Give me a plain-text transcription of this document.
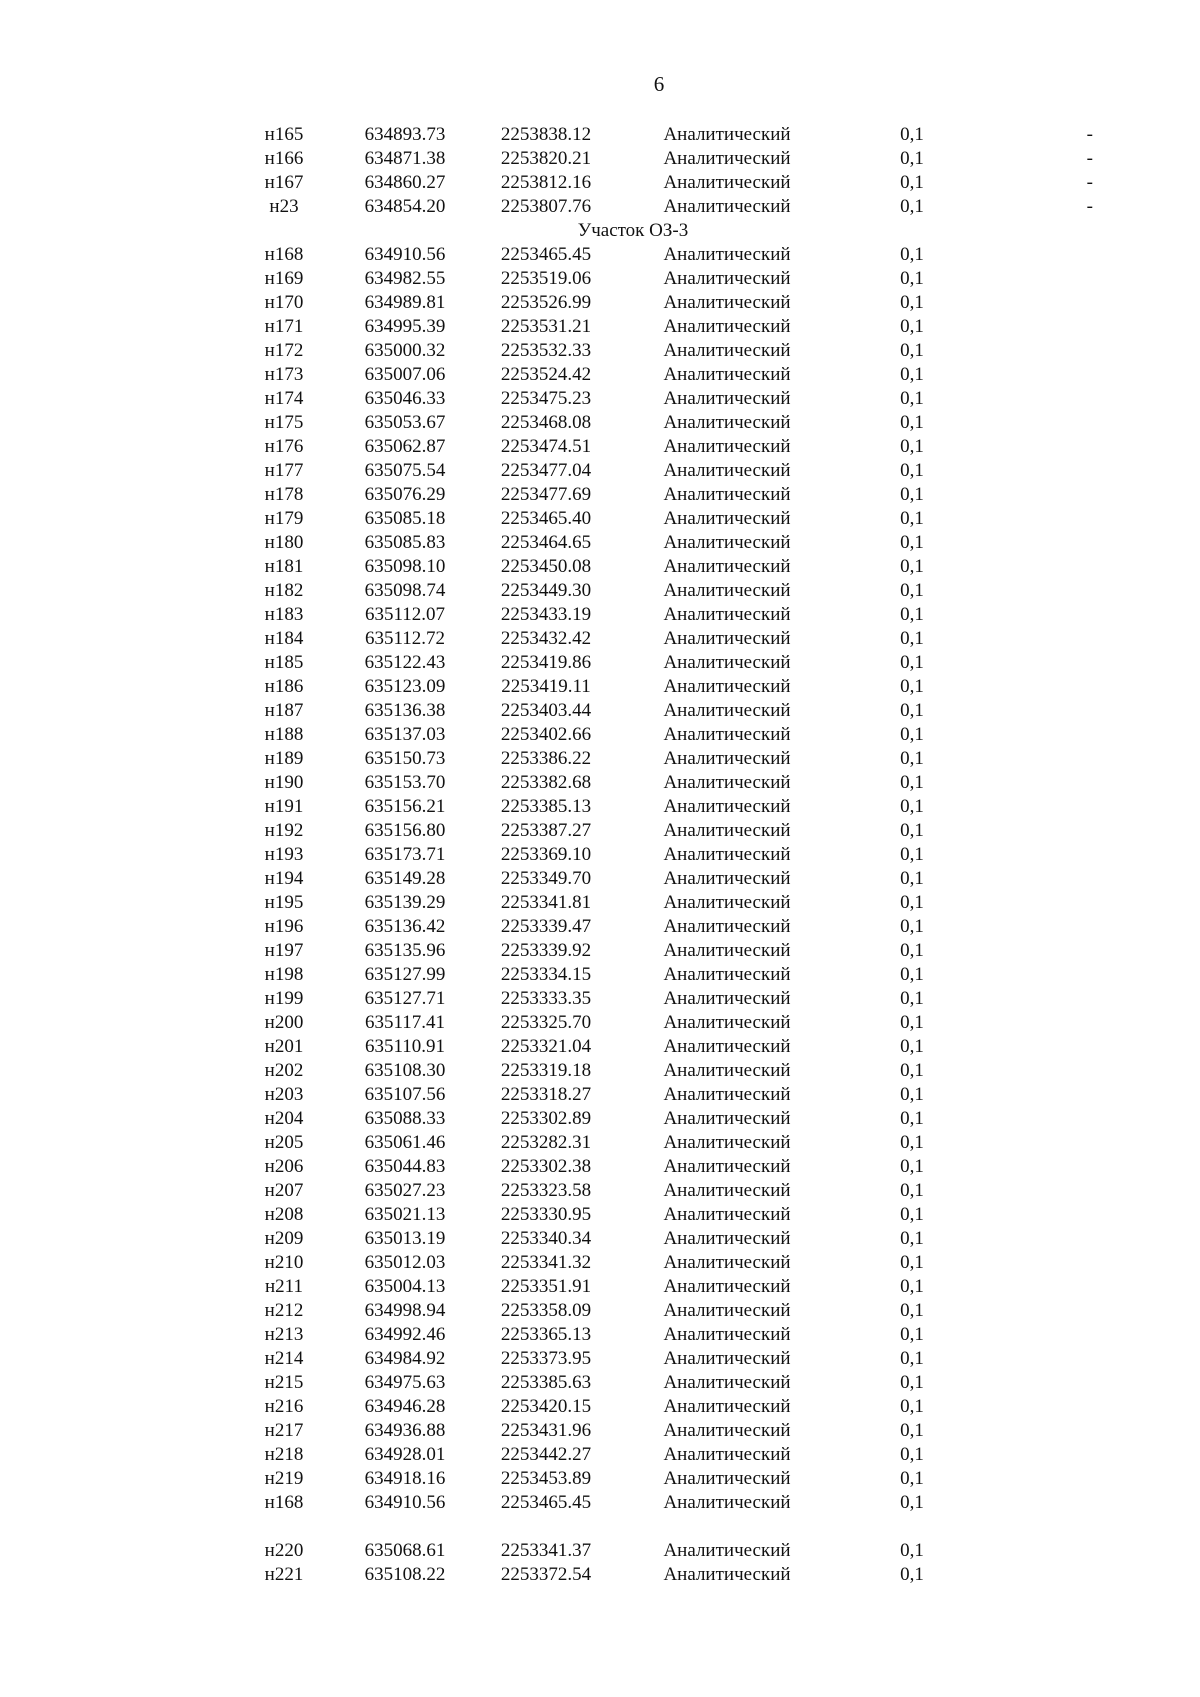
6
н165	634893.73	2253838.12	Аналитический	0,1	-
н166	634871.38	2253820.21	Аналитический	0,1	-
н167	634860.27	2253812.16	Аналитический	0,1	-
н23	634854.20	2253807.76	Аналитический	0,1	-
Участок ОЗ-3					
н168	634910.56	2253465.45	Аналитический	0,1	
н169	634982.55	2253519.06	Аналитический	0,1	
н170	634989.81	2253526.99	Аналитический	0,1	
н171	634995.39	2253531.21	Аналитический	0,1	
н172	635000.32	2253532.33	Аналитический	0,1	
н173	635007.06	2253524.42	Аналитический	0,1	
н174	635046.33	2253475.23	Аналитический	0,1	
н175	635053.67	2253468.08	Аналитический	0,1	
н176	635062.87	2253474.51	Аналитический	0,1	
н177	635075.54	2253477.04	Аналитический	0,1	
н178	635076.29	2253477.69	Аналитический	0,1	
н179	635085.18	2253465.40	Аналитический	0,1	
н180	635085.83	2253464.65	Аналитический	0,1	
н181	635098.10	2253450.08	Аналитический	0,1	
н182	635098.74	2253449.30	Аналитический	0,1	
н183	635112.07	2253433.19	Аналитический	0,1	
н184	635112.72	2253432.42	Аналитический	0,1	
н185	635122.43	2253419.86	Аналитический	0,1	
н186	635123.09	2253419.11	Аналитический	0,1	
н187	635136.38	2253403.44	Аналитический	0,1	
н188	635137.03	2253402.66	Аналитический	0,1	
н189	635150.73	2253386.22	Аналитический	0,1	
н190	635153.70	2253382.68	Аналитический	0,1	
н191	635156.21	2253385.13	Аналитический	0,1	
н192	635156.80	2253387.27	Аналитический	0,1	
н193	635173.71	2253369.10	Аналитический	0,1	
н194	635149.28	2253349.70	Аналитический	0,1	
н195	635139.29	2253341.81	Аналитический	0,1	
н196	635136.42	2253339.47	Аналитический	0,1	
н197	635135.96	2253339.92	Аналитический	0,1	
н198	635127.99	2253334.15	Аналитический	0,1	
н199	635127.71	2253333.35	Аналитический	0,1	
н200	635117.41	2253325.70	Аналитический	0,1	
н201	635110.91	2253321.04	Аналитический	0,1	
н202	635108.30	2253319.18	Аналитический	0,1	
н203	635107.56	2253318.27	Аналитический	0,1	
н204	635088.33	2253302.89	Аналитический	0,1	
н205	635061.46	2253282.31	Аналитический	0,1	
н206	635044.83	2253302.38	Аналитический	0,1	
н207	635027.23	2253323.58	Аналитический	0,1	
н208	635021.13	2253330.95	Аналитический	0,1	
н209	635013.19	2253340.34	Аналитический	0,1	
н210	635012.03	2253341.32	Аналитический	0,1	
н211	635004.13	2253351.91	Аналитический	0,1	
н212	634998.94	2253358.09	Аналитический	0,1	
н213	634992.46	2253365.13	Аналитический	0,1	
н214	634984.92	2253373.95	Аналитический	0,1	
н215	634975.63	2253385.63	Аналитический	0,1	
н216	634946.28	2253420.15	Аналитический	0,1	
н217	634936.88	2253431.96	Аналитический	0,1	
н218	634928.01	2253442.27	Аналитический	0,1	
н219	634918.16	2253453.89	Аналитический	0,1	
н168	634910.56	2253465.45	Аналитический	0,1	

н220	635068.61	2253341.37	Аналитический	0,1	
н221	635108.22	2253372.54	Аналитический	0,1	
